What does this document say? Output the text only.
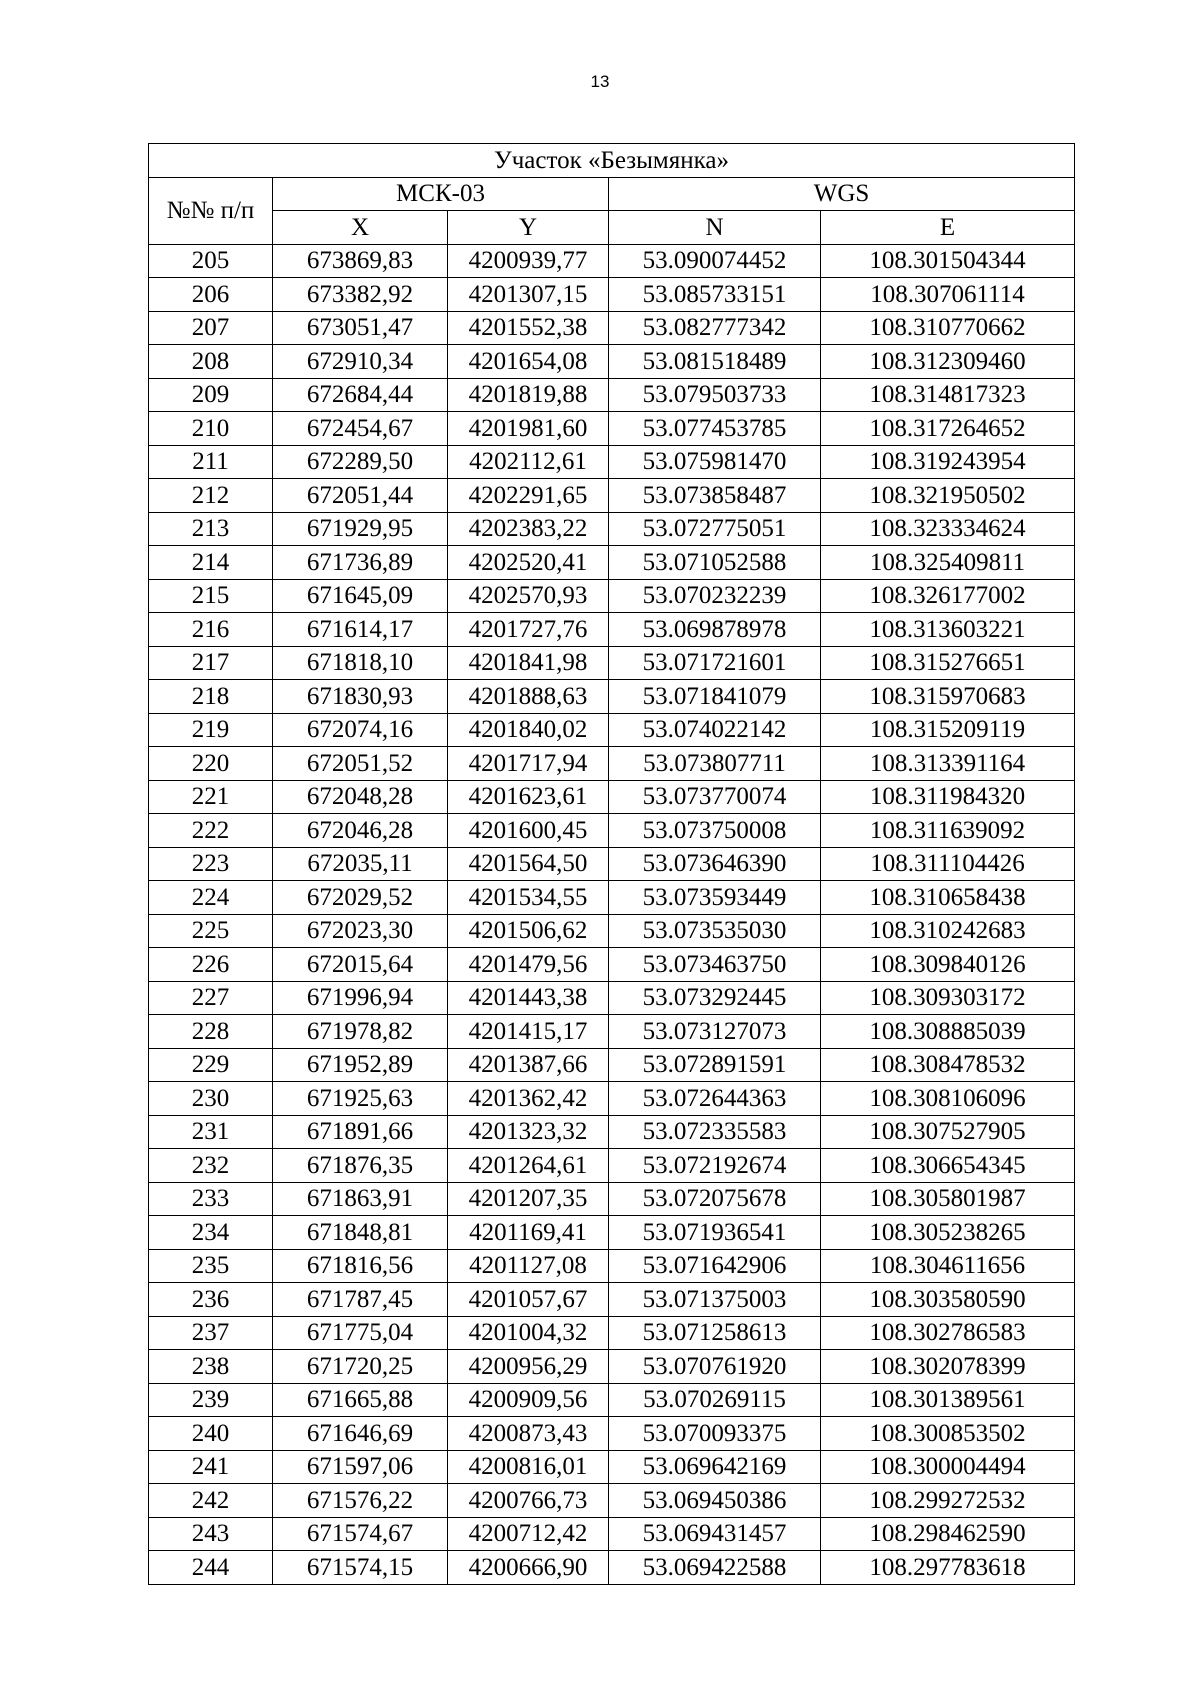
13
Участок «Безымянка»				
№№ п/п	МСК-03		WGS	
	X	Y	N	E
205	673869,83	4200939,77	53.090074452	108.301504344
206	673382,92	4201307,15	53.085733151	108.307061114
207	673051,47	4201552,38	53.082777342	108.310770662
208	672910,34	4201654,08	53.081518489	108.312309460
209	672684,44	4201819,88	53.079503733	108.314817323
210	672454,67	4201981,60	53.077453785	108.317264652
211	672289,50	4202112,61	53.075981470	108.319243954
212	672051,44	4202291,65	53.073858487	108.321950502
213	671929,95	4202383,22	53.072775051	108.323334624
214	671736,89	4202520,41	53.071052588	108.325409811
215	671645,09	4202570,93	53.070232239	108.326177002
216	671614,17	4201727,76	53.069878978	108.313603221
217	671818,10	4201841,98	53.071721601	108.315276651
218	671830,93	4201888,63	53.071841079	108.315970683
219	672074,16	4201840,02	53.074022142	108.315209119
220	672051,52	4201717,94	53.073807711	108.313391164
221	672048,28	4201623,61	53.073770074	108.311984320
222	672046,28	4201600,45	53.073750008	108.311639092
223	672035,11	4201564,50	53.073646390	108.311104426
224	672029,52	4201534,55	53.073593449	108.310658438
225	672023,30	4201506,62	53.073535030	108.310242683
226	672015,64	4201479,56	53.073463750	108.309840126
227	671996,94	4201443,38	53.073292445	108.309303172
228	671978,82	4201415,17	53.073127073	108.308885039
229	671952,89	4201387,66	53.072891591	108.308478532
230	671925,63	4201362,42	53.072644363	108.308106096
231	671891,66	4201323,32	53.072335583	108.307527905
232	671876,35	4201264,61	53.072192674	108.306654345
233	671863,91	4201207,35	53.072075678	108.305801987
234	671848,81	4201169,41	53.071936541	108.305238265
235	671816,56	4201127,08	53.071642906	108.304611656
236	671787,45	4201057,67	53.071375003	108.303580590
237	671775,04	4201004,32	53.071258613	108.302786583
238	671720,25	4200956,29	53.070761920	108.302078399
239	671665,88	4200909,56	53.070269115	108.301389561
240	671646,69	4200873,43	53.070093375	108.300853502
241	671597,06	4200816,01	53.069642169	108.300004494
242	671576,22	4200766,73	53.069450386	108.299272532
243	671574,67	4200712,42	53.069431457	108.298462590
244	671574,15	4200666,90	53.069422588	108.297783618
